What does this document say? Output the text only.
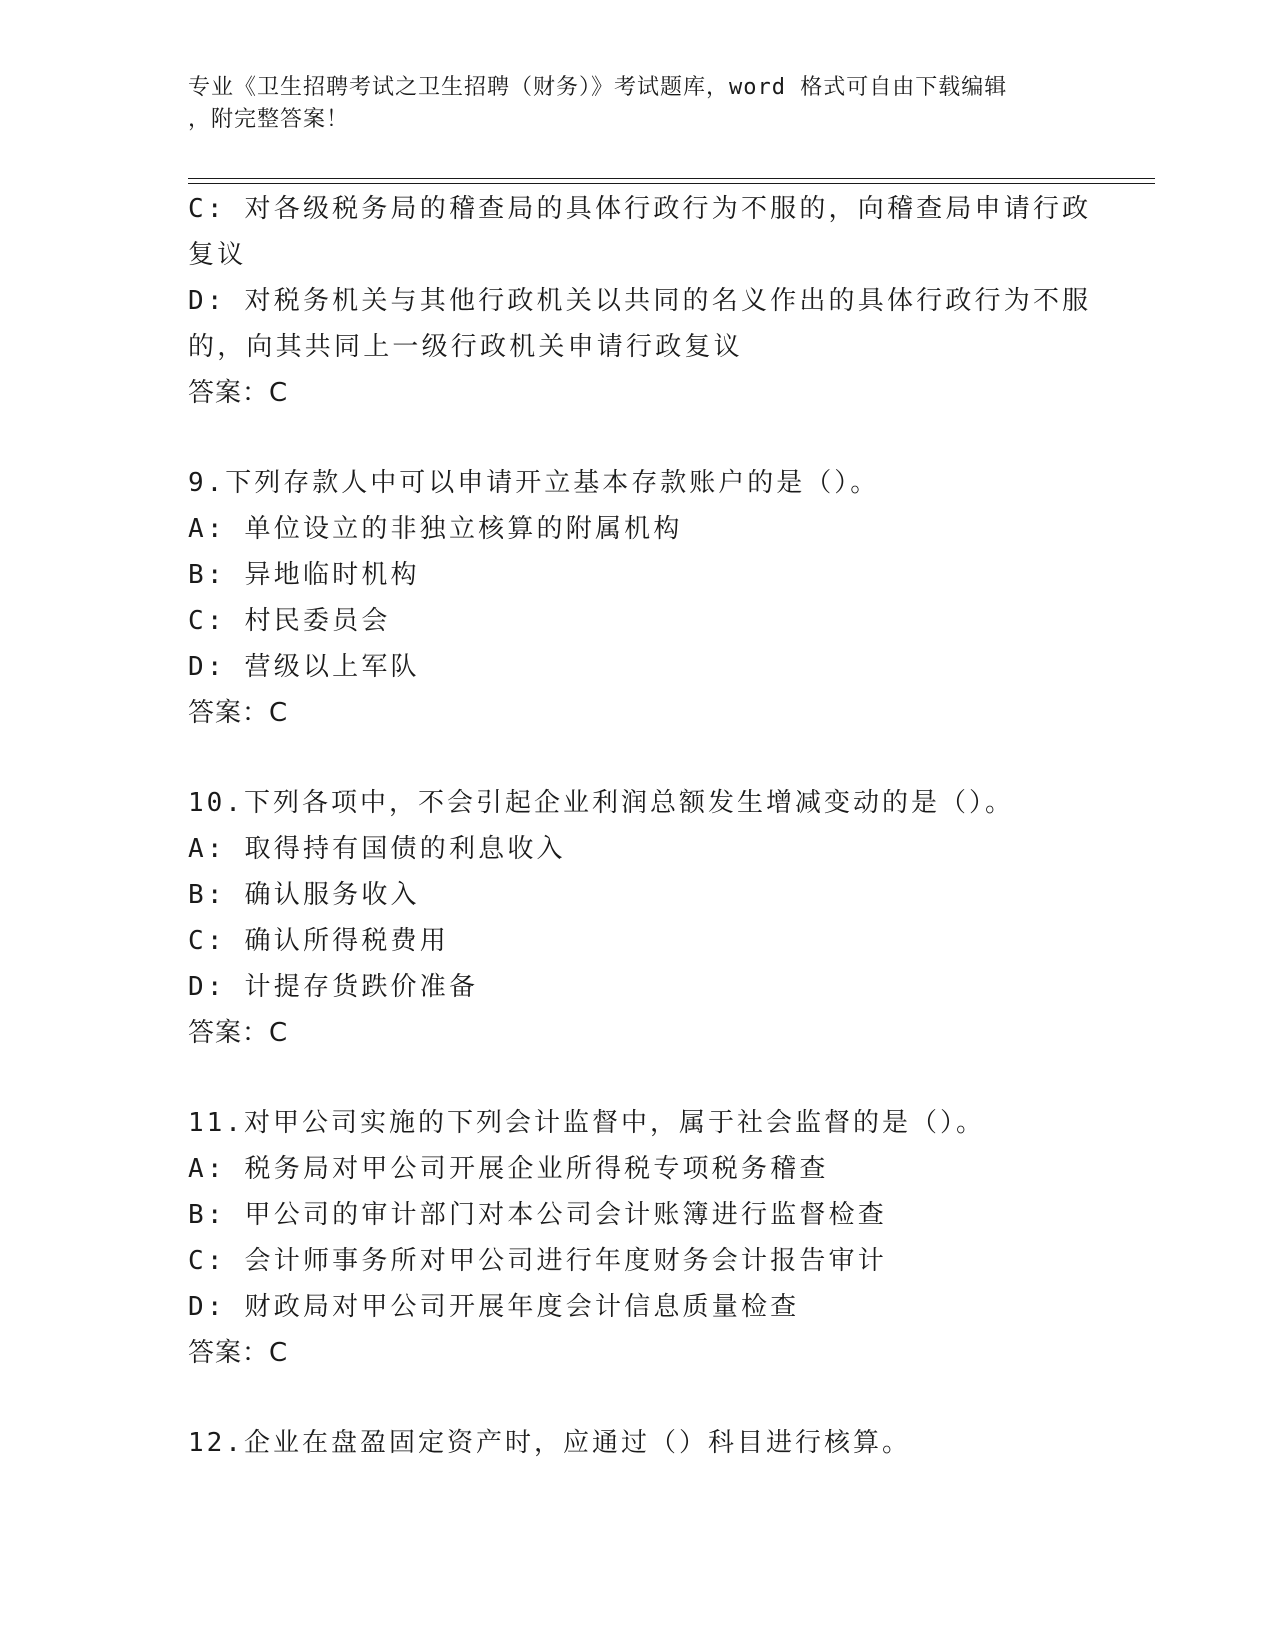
专业《卫生招聘考试之卫生招聘（财务）》考试题库，word 格式可自由下载编辑
，附完整答案！
C: 对各级税务局的稽查局的具体行政行为不服的，向稽查局申请行政
复议
D: 对税务机关与其他行政机关以共同的名义作出的具体行政行为不服
的，向其共同上一级行政机关申请行政复议
答案：C
9.下列存款人中可以申请开立基本存款账户的是（）。
A: 单位设立的非独立核算的附属机构
B: 异地临时机构
C: 村民委员会
D: 营级以上军队
答案：C
10.下列各项中，不会引起企业利润总额发生增减变动的是（）。
A: 取得持有国债的利息收入
B: 确认服务收入
C: 确认所得税费用
D: 计提存货跌价准备
答案：C
11.对甲公司实施的下列会计监督中，属于社会监督的是（）。
A: 税务局对甲公司开展企业所得税专项税务稽查
B: 甲公司的审计部门对本公司会计账簿进行监督检查
C: 会计师事务所对甲公司进行年度财务会计报告审计
D: 财政局对甲公司开展年度会计信息质量检查
答案：C
12.企业在盘盈固定资产时，应通过（）科目进行核算。
